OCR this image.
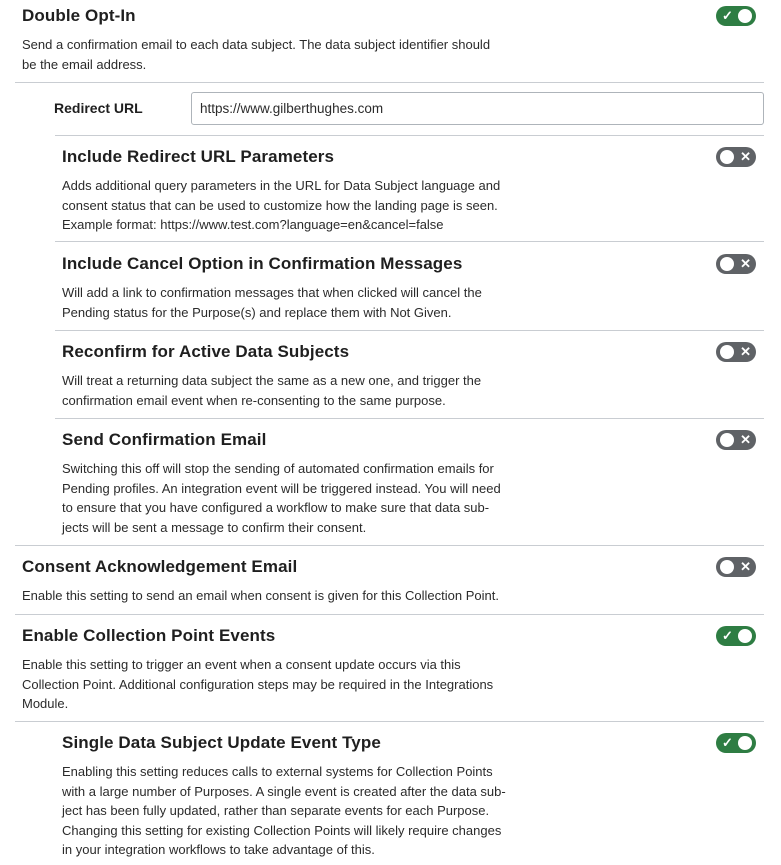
Double Opt-In	✓
Send a confirmation email to each data subject. The data subject identifier should
be the email address.
Redirect URL
https://www.gilberthughes.com
Include Redirect URL Parameters	✕
Adds additional query parameters in the URL for Data Subject language and
consent status that can be used to customize how the landing page is seen.
Example format: https://www.test.com?language=en&cancel=false
Include Cancel Option in Confirmation Messages	✕
Will add a link to confirmation messages that when clicked will cancel the
Pending status for the Purpose(s) and replace them with Not Given.
Reconfirm for Active Data Subjects	✕
Will treat a returning data subject the same as a new one, and trigger the
confirmation email event when re-consenting to the same purpose.
Send Confirmation Email	✕
Switching this off will stop the sending of automated confirmation emails for
Pending profiles. An integration event will be triggered instead. You will need
to ensure that you have configured a workflow to make sure that data sub-
jects will be sent a message to confirm their consent.
Consent Acknowledgement Email	✕
Enable this setting to send an email when consent is given for this Collection Point.
Enable Collection Point Events	✓
Enable this setting to trigger an event when a consent update occurs via this
Collection Point. Additional configuration steps may be required in the Integrations
Module.
Single Data Subject Update Event Type	✓
Enabling this setting reduces calls to external systems for Collection Points
with a large number of Purposes. A single event is created after the data sub-
ject has been fully updated, rather than separate events for each Purpose.
Changing this setting for existing Collection Points will likely require changes
in your integration workflows to take advantage of this.
